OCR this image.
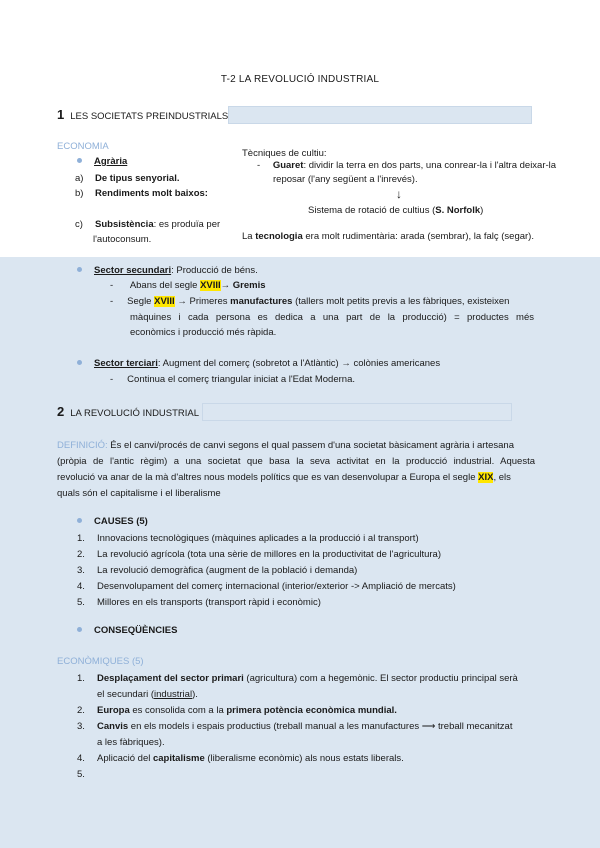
T-2 LA REVOLUCIÓ INDUSTRIAL
1 LES SOCIETATS PREINDUSTRIALS
ECONOMIA
Agrària
a) De tipus senyorial.
b) Rendiments molt baixos:
c) Subsistència: es produïa per
l'autoconsum.
Tècniques de cultiu:
- Guaret: dividir la terra en dos parts, una conrear-la i l'altra deixar-la
reposar (l'any següent a l'inrevés).
↓
Sistema de rotació de cultius (S. Norfolk)
La tecnologia era molt rudimentària: arada (sembrar), la falç (segar).
Sector secundari: Producció de béns.
- Abans del segle XVIII→ Gremis
- Segle XVIII → Primeres manufactures (tallers molt petits previs a les fàbriques, existeixen
màquines i cada persona es dedica a una part de la producció) = productes més
econòmics i producció més ràpida.
Sector terciari: Augment del comerç (sobretot a l'Atlàntic) → colònies americanes
- Continua el comerç triangular iniciat a l'Edat Moderna.
2 LA REVOLUCIÓ INDUSTRIAL
DEFINICIÓ: És el canvi/procés de canvi segons el qual passem d'una societat bàsicament agrària i artesana
(pròpia de l'antic règim) a una societat que basa la seva activitat en la producció industrial. Aquesta
revolució va anar de la mà d'altres nous models polítics que es van desenvolupar a Europa el segle XIX, els
quals són el capitalisme i el liberalisme
CAUSES (5)
1. Innovacions tecnològiques (màquines aplicades a la producció i al transport)
2. La revolució agrícola (tota una sèrie de millores en la productivitat de l'agricultura)
3. La revolució demogràfica (augment de la població i demanda)
4. Desenvolupament del comerç internacional (interior/exterior -> Ampliació de mercats)
5. Millores en els transports (transport ràpid i econòmic)
CONSEQÜÈNCIES
ECONÒMIQUES (5)
1. Desplaçament del sector primari (agricultura) com a hegemònic. El sector productiu principal serà
el secundari (industrial).
2. Europa es consolida com a la primera potència econòmica mundial.
3. Canvis en els models i espais productius (treball manual a les manufactures ⟶ treball mecanitzat
a les fàbriques).
4. Aplicació del capitalisme (liberalisme econòmic) als nous estats liberals.
5.
